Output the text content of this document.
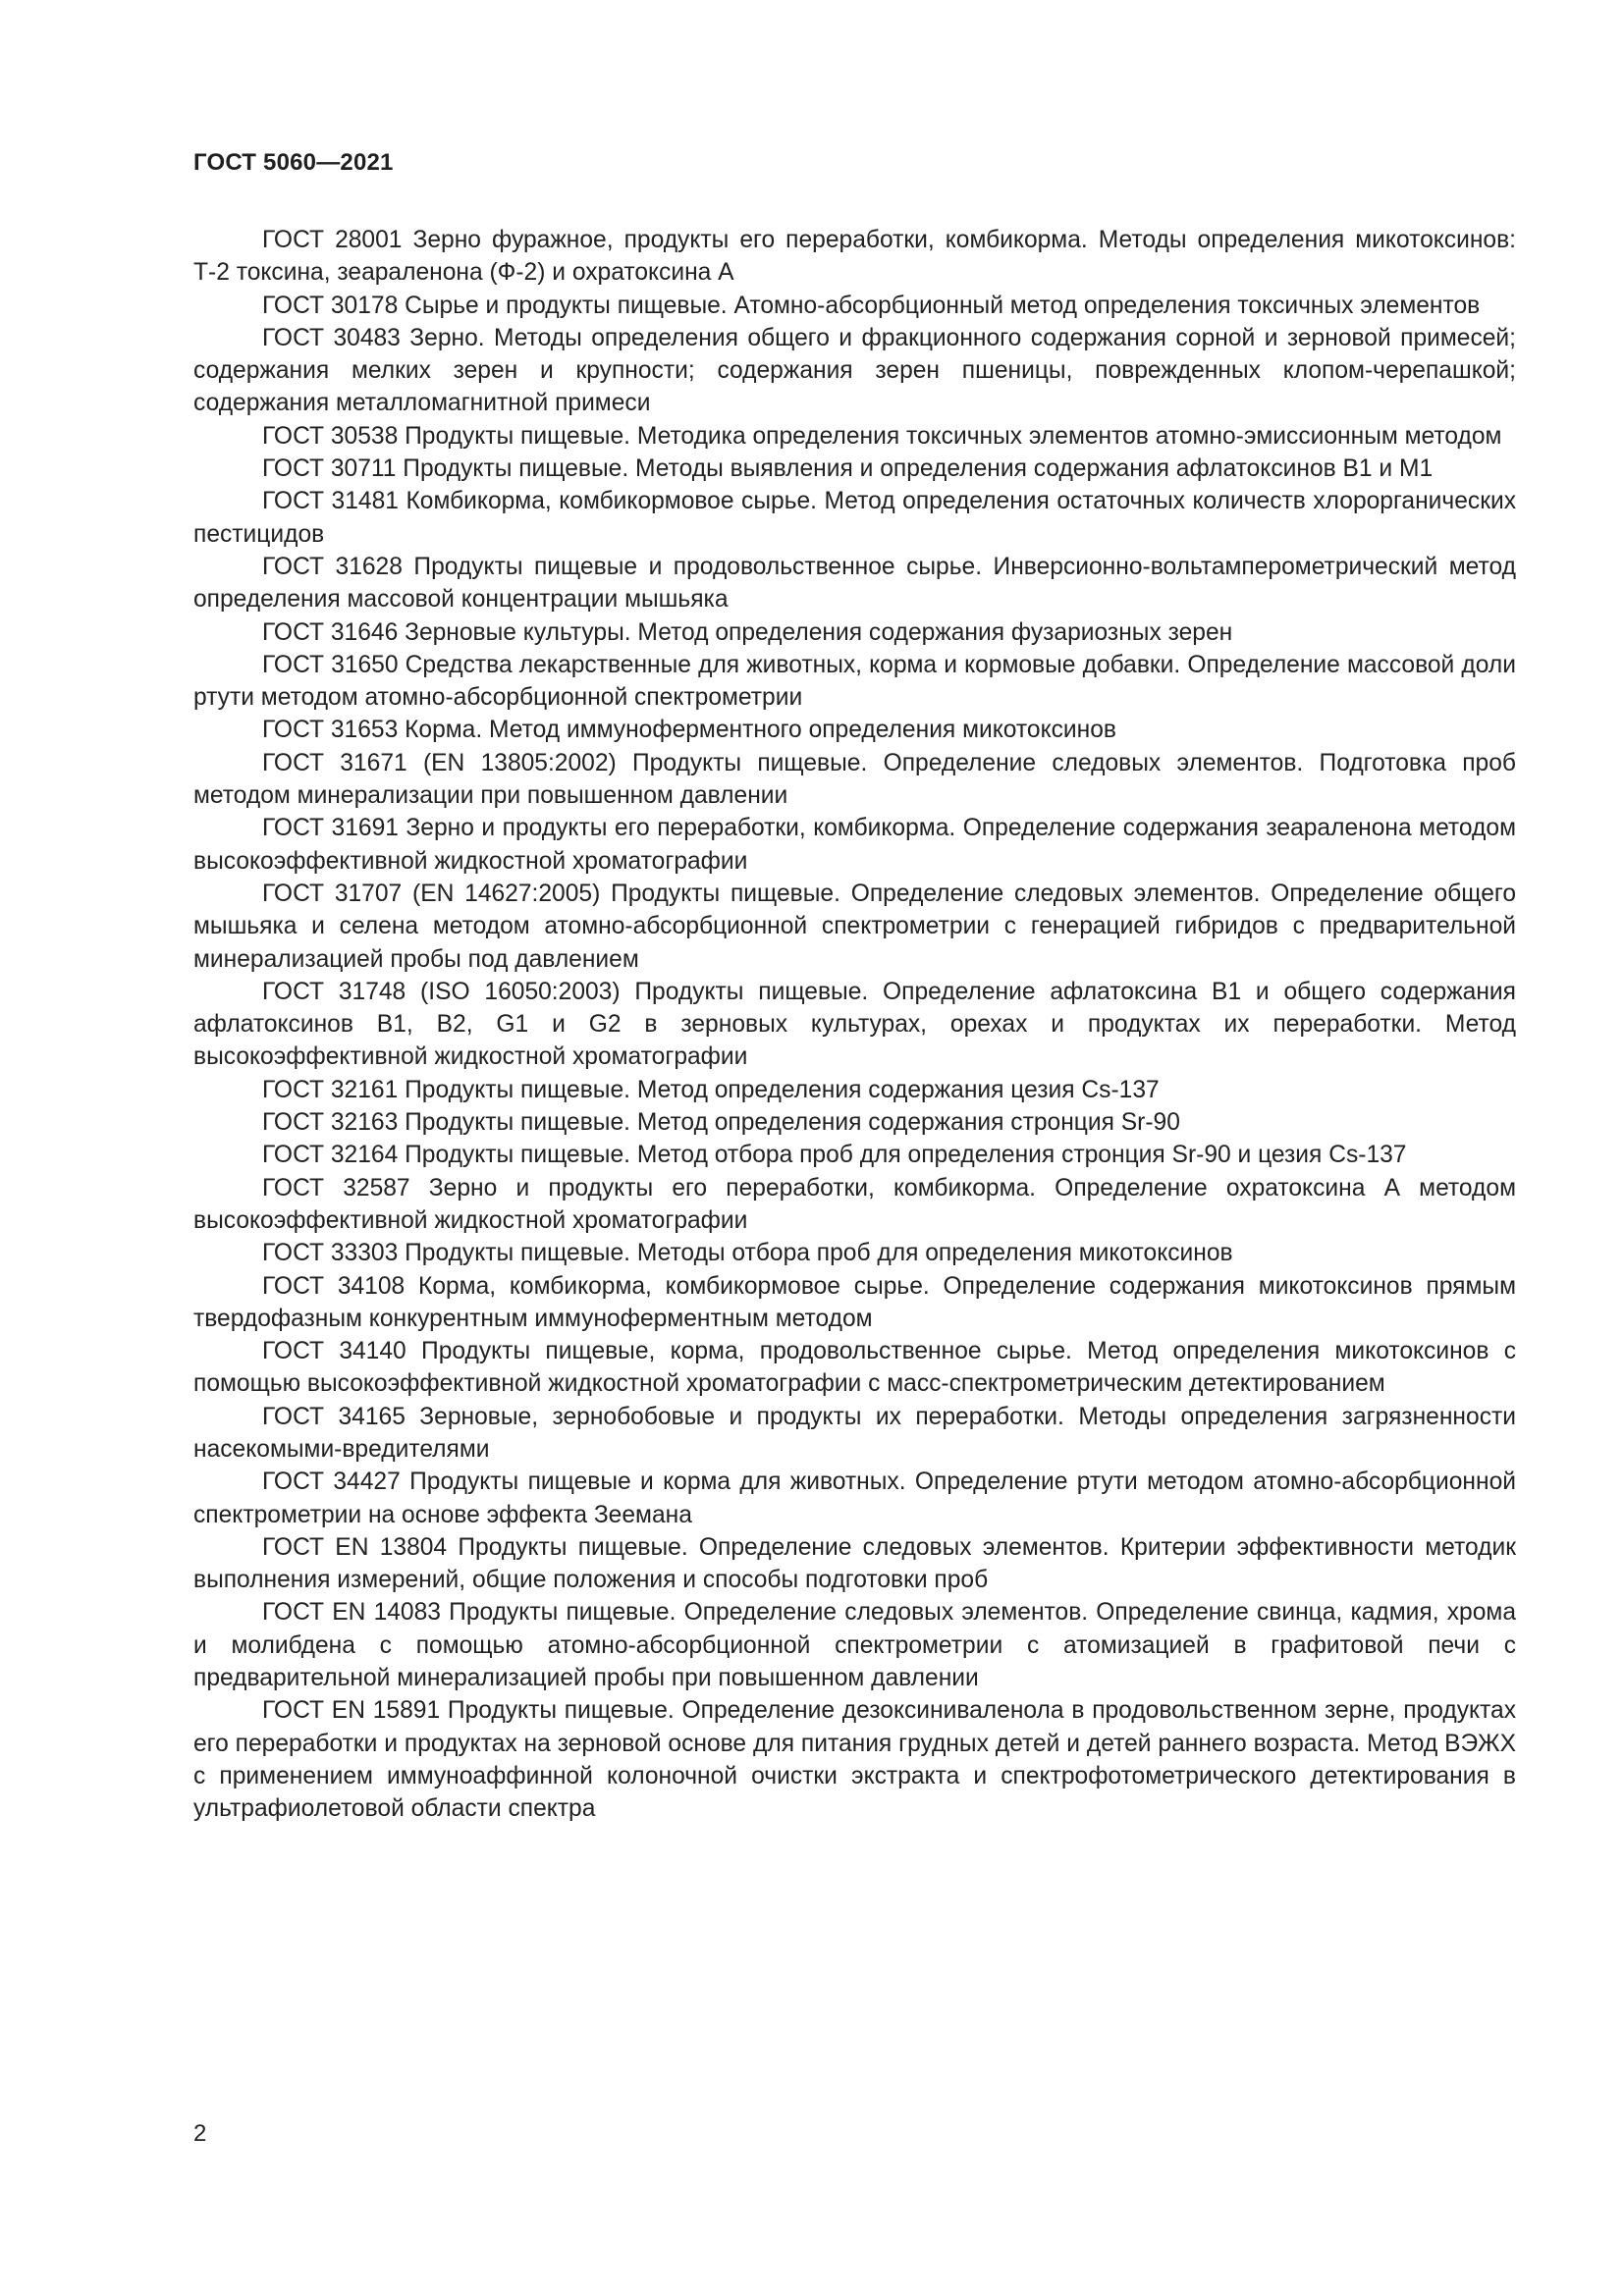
ГОСТ 5060—2021

ГОСТ 28001 Зерно фуражное, продукты его переработки, комбикорма. Методы определения микотоксинов: Т-2 токсина, зеараленона (Ф-2) и охратоксина А

ГОСТ 30178 Сырье и продукты пищевые. Атомно-абсорбционный метод определения токсичных элементов

ГОСТ 30483 Зерно. Методы определения общего и фракционного содержания сорной и зерновой примесей; содержания мелких зерен и крупности; содержания зерен пшеницы, поврежденных клопом-черепашкой; содержания металломагнитной примеси

ГОСТ 30538 Продукты пищевые. Методика определения токсичных элементов атомно-эмиссионным методом

ГОСТ 30711 Продукты пищевые. Методы выявления и определения содержания афлатоксинов В1 и М1

ГОСТ 31481 Комбикорма, комбикормовое сырье. Метод определения остаточных количеств хлорорганических пестицидов

ГОСТ 31628 Продукты пищевые и продовольственное сырье. Инверсионно-вольтамперометрический метод определения массовой концентрации мышьяка

ГОСТ 31646 Зерновые культуры. Метод определения содержания фузариозных зерен

ГОСТ 31650 Средства лекарственные для животных, корма и кормовые добавки. Определение массовой доли ртути методом атомно-абсорбционной спектрометрии

ГОСТ 31653 Корма. Метод иммуноферментного определения микотоксинов

ГОСТ 31671 (EN 13805:2002) Продукты пищевые. Определение следовых элементов. Подготовка проб методом минерализации при повышенном давлении

ГОСТ 31691 Зерно и продукты его переработки, комбикорма. Определение содержания зеараленона методом высокоэффективной жидкостной хроматографии

ГОСТ 31707 (EN 14627:2005) Продукты пищевые. Определение следовых элементов. Определение общего мышьяка и селена методом атомно-абсорбционной спектрометрии с генерацией гибридов с предварительной минерализацией пробы под давлением

ГОСТ 31748 (ISO 16050:2003) Продукты пищевые. Определение афлатоксина В1 и общего содержания афлатоксинов В1, В2, G1 и G2 в зерновых культурах, орехах и продуктах их переработки. Метод высокоэффективной жидкостной хроматографии

ГОСТ 32161 Продукты пищевые. Метод определения содержания цезия Cs-137

ГОСТ 32163 Продукты пищевые. Метод определения содержания стронция Sr-90

ГОСТ 32164 Продукты пищевые. Метод отбора проб для определения стронция Sr-90 и цезия Cs-137

ГОСТ 32587 Зерно и продукты его переработки, комбикорма. Определение охратоксина А методом высокоэффективной жидкостной хроматографии

ГОСТ 33303 Продукты пищевые. Методы отбора проб для определения микотоксинов

ГОСТ 34108 Корма, комбикорма, комбикормовое сырье. Определение содержания микотоксинов прямым твердофазным конкурентным иммуноферментным методом

ГОСТ 34140 Продукты пищевые, корма, продовольственное сырье. Метод определения микотоксинов с помощью высокоэффективной жидкостной хроматографии с масс-спектрометрическим детектированием

ГОСТ 34165 Зерновые, зернобобовые и продукты их переработки. Методы определения загрязненности насекомыми-вредителями

ГОСТ 34427 Продукты пищевые и корма для животных. Определение ртути методом атомно-абсорбционной спектрометрии на основе эффекта Зеемана

ГОСТ EN 13804 Продукты пищевые. Определение следовых элементов. Критерии эффективности методик выполнения измерений, общие положения и способы подготовки проб

ГОСТ EN 14083 Продукты пищевые. Определение следовых элементов. Определение свинца, кадмия, хрома и молибдена с помощью атомно-абсорбционной спектрометрии с атомизацией в графитовой печи с предварительной минерализацией пробы при повышенном давлении

ГОСТ EN 15891 Продукты пищевые. Определение дезоксиниваленола в продовольственном зерне, продуктах его переработки и продуктах на зерновой основе для питания грудных детей и детей раннего возраста. Метод ВЭЖХ с применением иммуноаффинной колоночной очистки экстракта и спектрофотометрического детектирования в ультрафиолетовой области спектра

2
